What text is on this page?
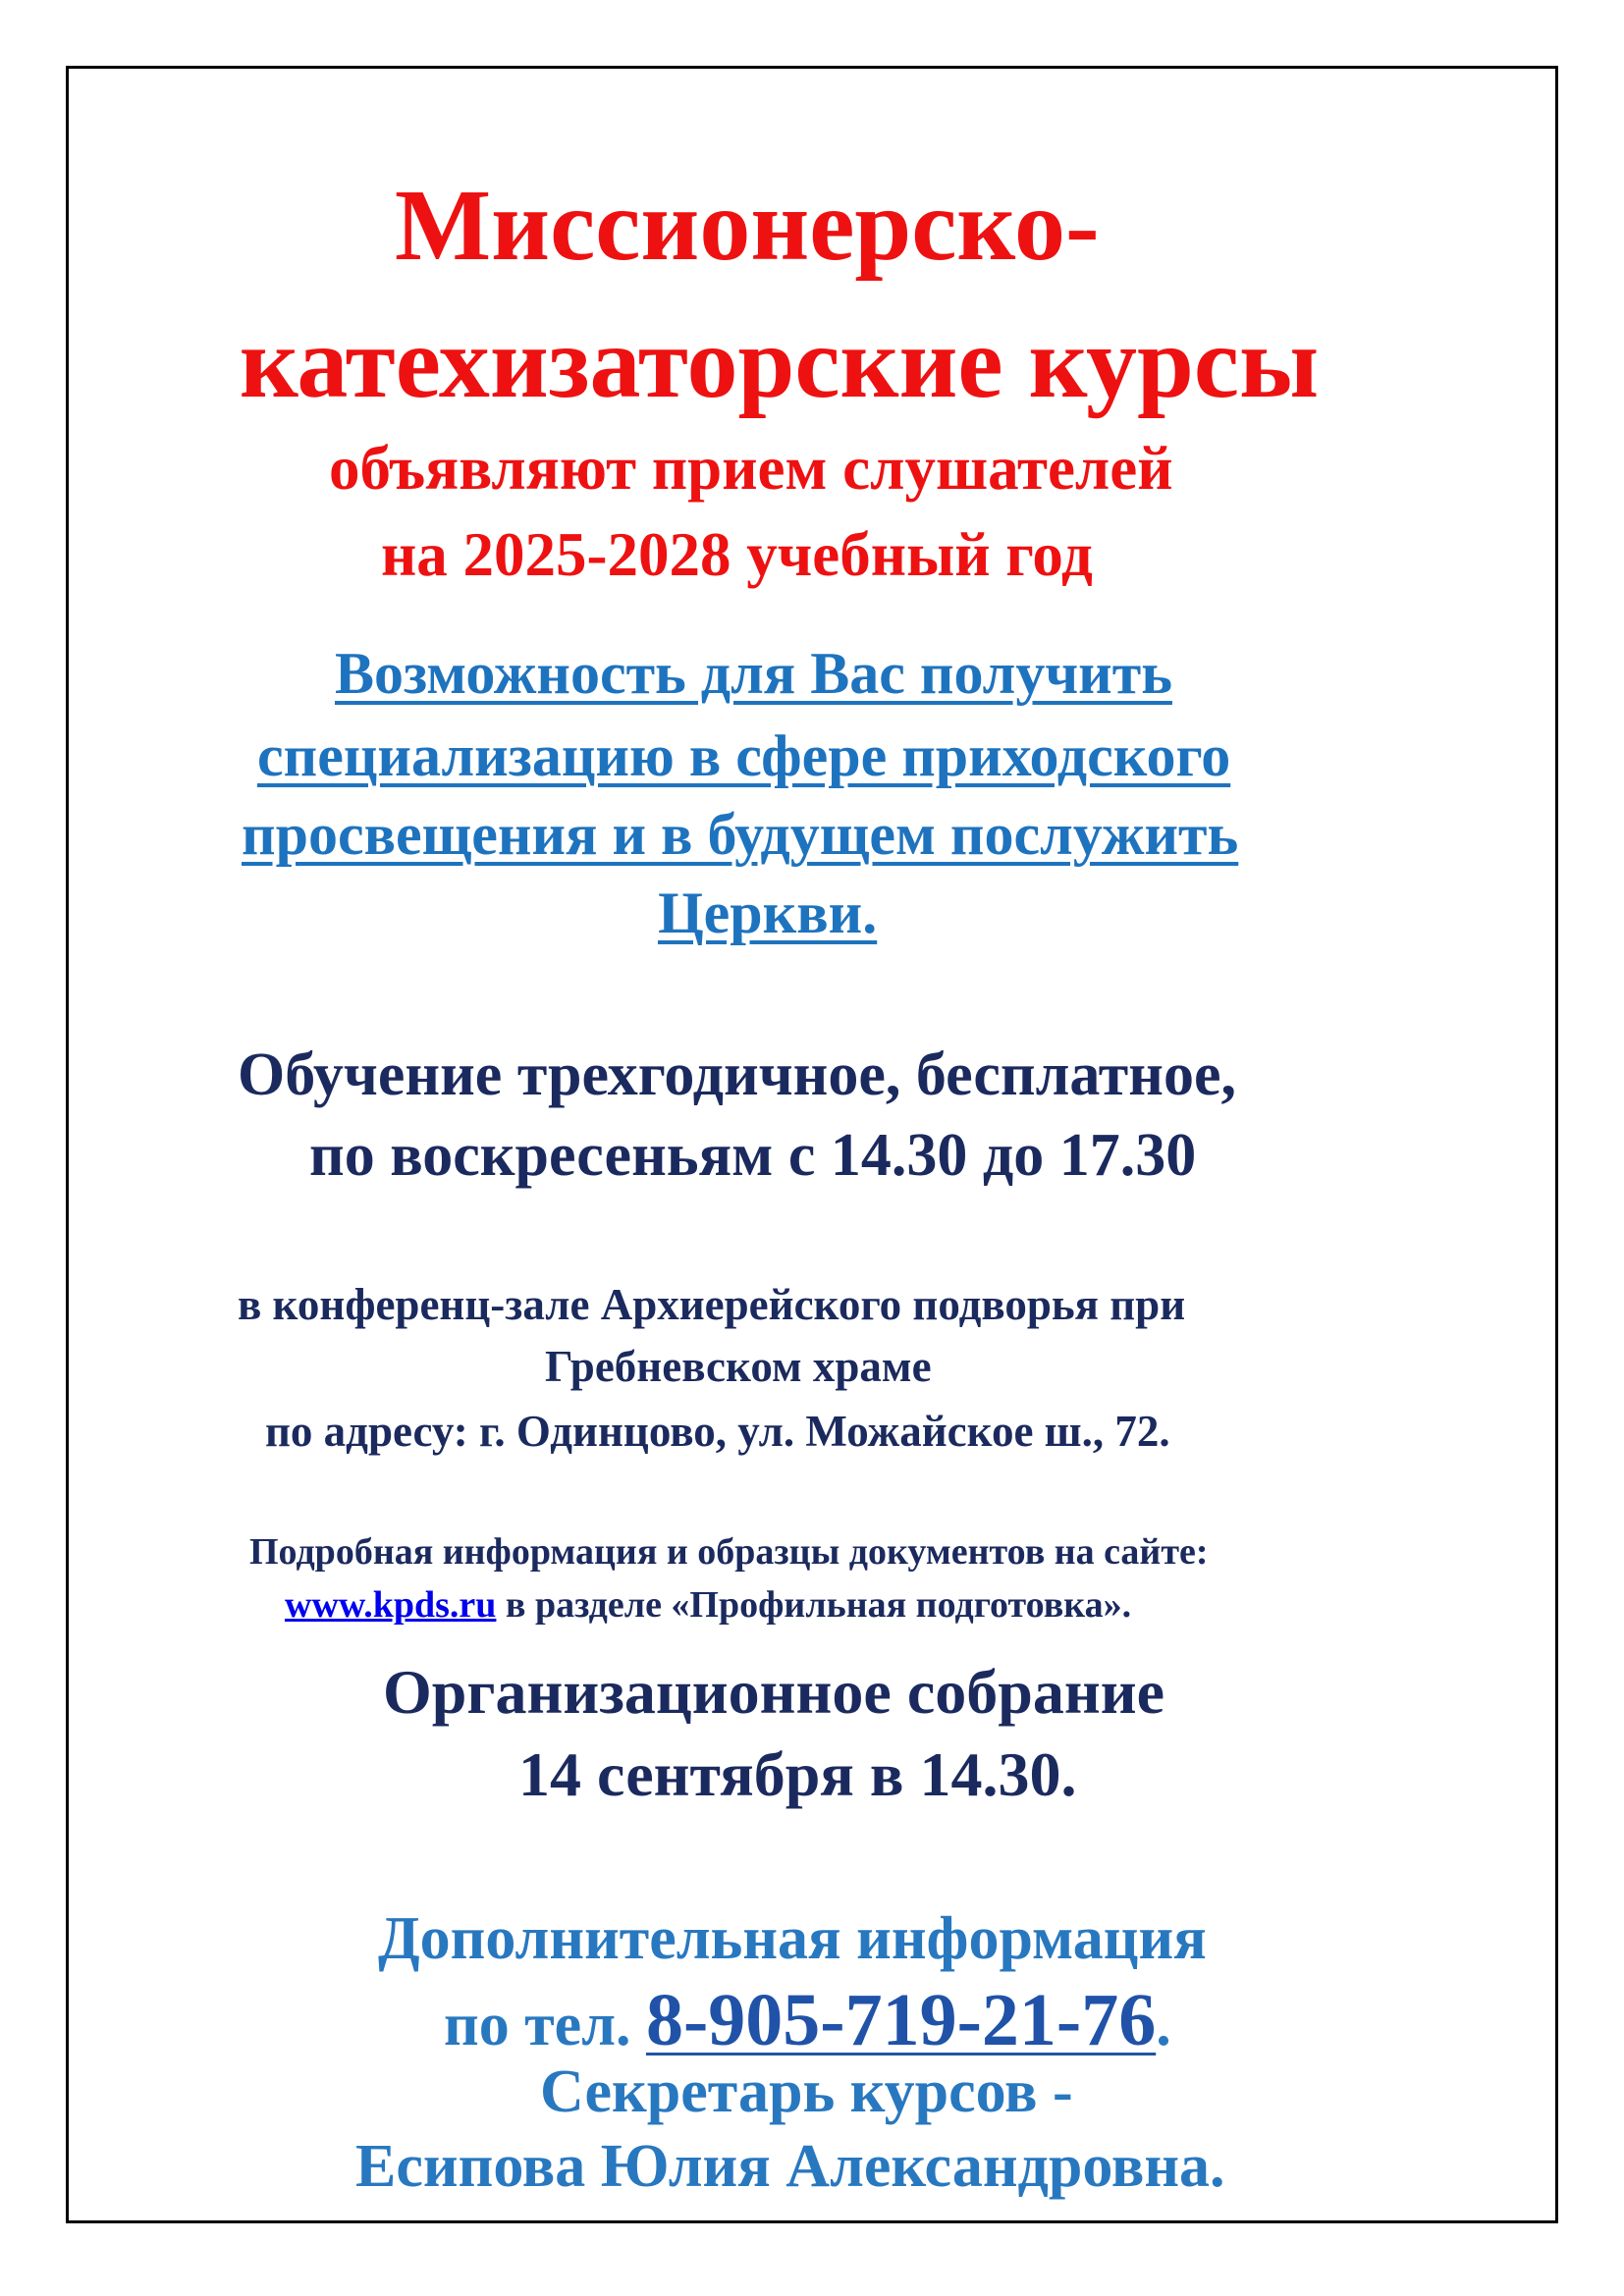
Миссионерско-

катехизаторские курсы

объявляют прием слушателей

на 2025-2028 учебный год

Возможность для Вас получить

специализацию в сфере приходского

просвещения и в будущем послужить

Церкви.

Обучение трехгодичное, бесплатное,

по воскресеньям с 14.30 до 17.30

в конференц-зале Архиерейского подворья при

Гребневском храме

по адресу: г. Одинцово, ул. Можайское ш., 72.

Подробная информация и образцы документов на сайте:

www.kpds.ru в разделе «Профильная подготовка».

Организационное собрание

14 сентября в 14.30.

Дополнительная информация

по тел. 8-905-719-21-76.

Секретарь курсов -

Есипова Юлия Александровна.
